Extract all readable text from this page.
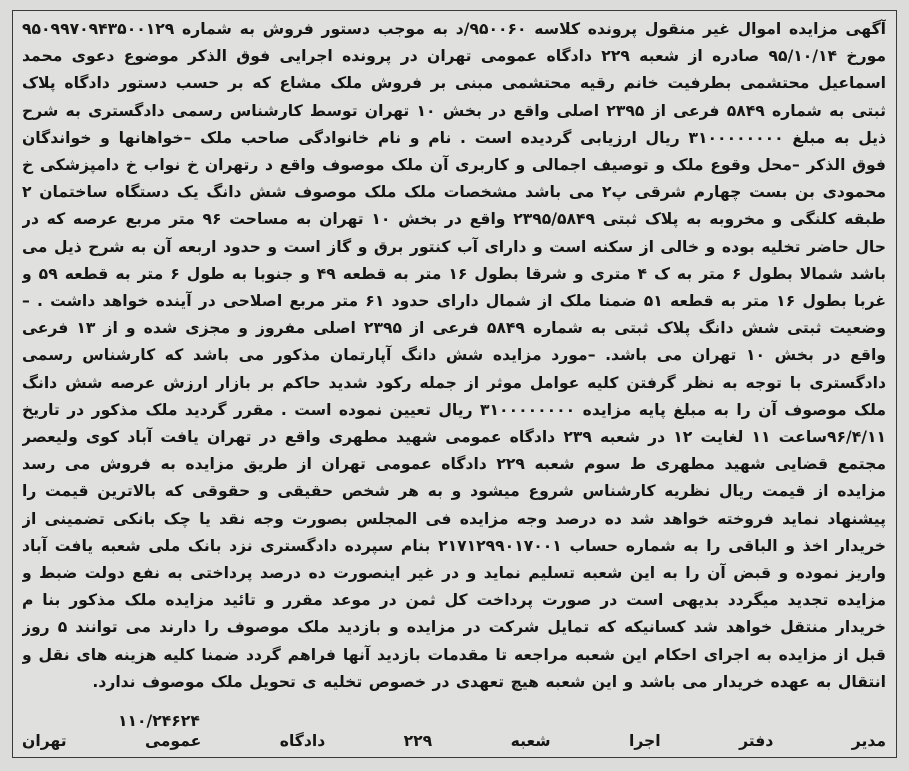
آگهی مزایده اموال غیر منقول پرونده کلاسه ۹۵۰۰۶۰/د به موجب دستور فروش به شماره ۹۵۰۹۹۷۰۹۴۳۵۰۰۱۲۹ مورخ ۹۵/۱۰/۱۴ صادره از شعبه ۲۲۹ دادگاه عمومی تهران در پرونده اجرایی فوق الذکر موضوع دعوی محمد اسماعیل محتشمی بطرفیت خانم رقیه محتشمی مبنی بر فروش ملک مشاع که بر حسب دستور دادگاه پلاک ثبتی به شماره ۵۸۴۹ فرعی از ۲۳۹۵ اصلی واقع در بخش ۱۰ تهران توسط کارشناس رسمی دادگستری به شرح ذیل به مبلغ ۳۱۰۰۰۰۰۰۰۰ ریال ارزیابی گردیده است . نام و نام خانوادگی صاحب ملک –خواهانها و خواندگان فوق الذکر –محل وقوع ملک و توصیف اجمالی و کاربری آن ملک موصوف واقع د رتهران خ نواب خ دامپزشکی خ محمودی بن بست چهارم شرقی پ۲ می باشد مشخصات ملک ملک موصوف شش دانگ یک دستگاه ساختمان ۲ طبقه کلنگی و مخروبه به پلاک ثبتی ۲۳۹۵/۵۸۴۹ واقع در بخش ۱۰ تهران به مساحت ۹۶ متر مربع عرصه که در حال حاضر تخلیه بوده و خالی از سکنه است و دارای آب کنتور برق و گاز است و حدود اربعه آن به شرح ذیل می باشد شمالا بطول ۶ متر به ک ۴ متری و شرقا بطول ۱۶ متر به قطعه ۴۹ و جنوبا به طول ۶ متر به قطعه ۵۹ و غربا بطول ۱۶ متر به قطعه ۵۱ ضمنا ملک از شمال دارای حدود ۶۱ متر مربع اصلاحی در آینده خواهد داشت . –وضعیت ثبتی شش دانگ پلاک ثبتی به شماره ۵۸۴۹ فرعی از ۲۳۹۵ اصلی مفروز و مجزی شده و از ۱۳ فرعی واقع در بخش ۱۰ تهران می باشد. –مورد مزایده شش دانگ آپارتمان مذکور می باشد که کارشناس رسمی دادگستری با توجه به نظر گرفتن کلیه عوامل موثر از جمله رکود شدید حاکم بر بازار ارزش عرصه شش دانگ ملک موصوف آن را به مبلغ پایه مزایده ۳۱۰۰۰۰۰۰۰۰ ریال تعیین نموده است . مقرر گردید ملک مذکور در تاریخ ۹۶/۴/۱۱ساعت ۱۱ لغایت ۱۲ در شعبه ۲۳۹ دادگاه عمومی شهید مطهری واقع در تهران یافت آباد کوی ولیعصر مجتمع قضایی شهید مطهری ط سوم شعبه ۲۲۹ دادگاه عمومی تهران از طریق مزایده به فروش می رسد مزایده از قیمت ریال نظریه کارشناس شروع میشود و به هر شخص حقیقی و حقوقی که بالاترین قیمت را پیشنهاد نماید فروخته خواهد شد ده درصد وجه مزایده فی المجلس بصورت وجه نقد یا چک بانکی تضمینی از خریدار اخذ و الباقی را به شماره حساب ۲۱۷۱۲۹۹۰۱۷۰۰۱ بنام سپرده دادگستری نزد بانک ملی شعبه یافت آباد واریز نموده و قبض آن را به این شعبه تسلیم نماید و در غیر اینصورت ده درصد پرداختی به نفع دولت ضبط و مزایده تجدید میگردد بدیهی است در صورت پرداخت کل ثمن در موعد مقرر و تائید مزایده ملک مذکور بنا م خریدار منتقل خواهد شد کسانیکه که تمایل شرکت در مزایده و بازدید ملک موصوف را دارند می توانند ۵ روز قبل از مزایده به اجرای احکام این شعبه مراجعه تا مقدمات بازدید آنها فراهم گردد ضمنا کلیه هزینه های نقل و انتقال به عهده خریدار می باشد و این شعبه هیچ تعهدی در خصوص تخلیه ی تحویل ملک موصوف ندارد.

۱۱۰/۲۴۶۲۴
مدیر
دفتر
اجرا
شعبه
۲۲۹
دادگاه
عمومی
تهران
